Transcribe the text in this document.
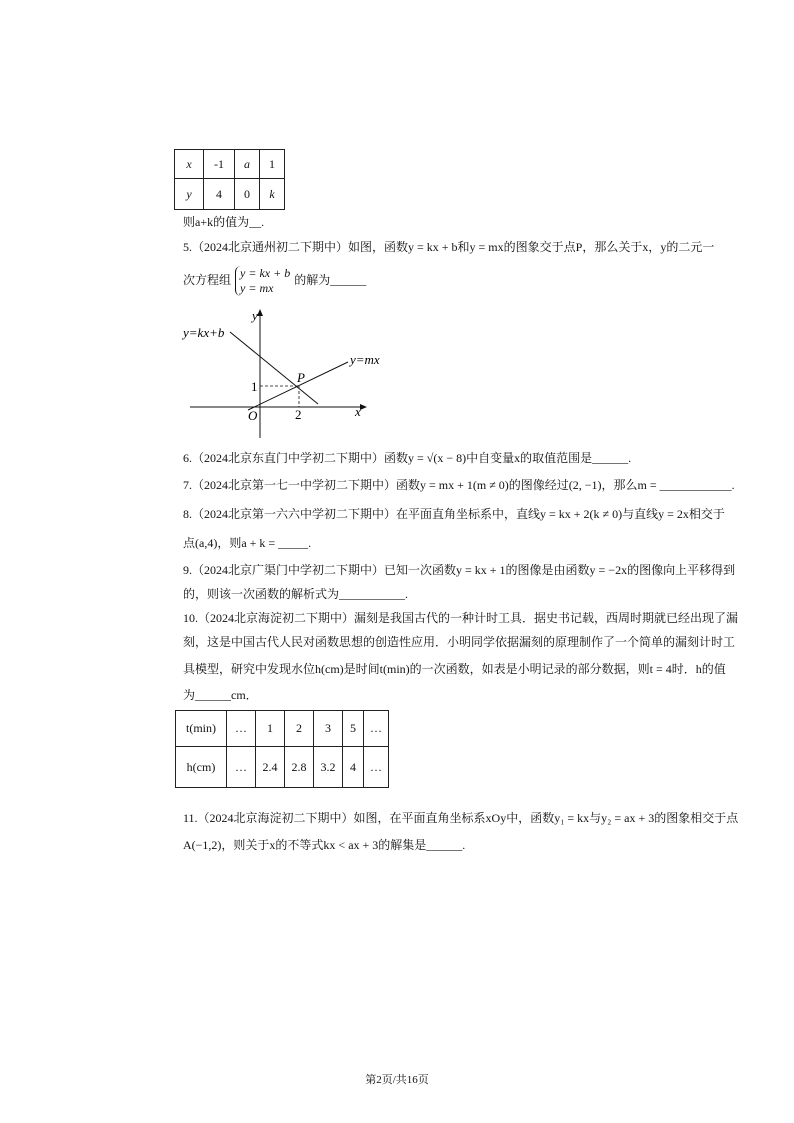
x	-1	a	1
y	4	0	k
则a+k的值为__.
5.（2024北京通州初二下期中）如图，函数y = kx + b和y = mx的图象交于点P，那么关于x，y的二元一
次方程组 y = kx + b
y = mx的解为______
y=kx+b
y=mx
y
x
O
P
1
2
6.（2024北京东直门中学初二下期中）函数y = √(x − 8)中自变量x的取值范围是______.
7.（2024北京第一七一中学初二下期中）函数y = mx + 1(m ≠ 0)的图像经过(2, −1)，那么m = ____________.
8.（2024北京第一六六中学初二下期中）在平面直角坐标系中，直线y = kx + 2(k ≠ 0)与直线y = 2x相交于
点(a,4)，则a + k = _____.
9.（2024北京广渠门中学初二下期中）已知一次函数y = kx + 1的图像是由函数y = −2x的图像向上平移得到
的，则该一次函数的解析式为___________.
10.（2024北京海淀初二下期中）漏刻是我国古代的一种计时工具．据史书记载，西周时期就已经出现了漏
刻，这是中国古代人民对函数思想的创造性应用．小明同学依据漏刻的原理制作了一个简单的漏刻计时工
具模型，研究中发现水位h(cm)是时间t(min)的一次函数，如表是小明记录的部分数据，则t = 4时．h的值
为______cm．
t(min)	…	1	2	3	5	…
h(cm)	…	2.4	2.8	3.2	4	…
11.（2024北京海淀初二下期中）如图，在平面直角坐标系xOy中，函数y₁ = kx与y₂ = ax + 3的图象相交于点
A(−1,2)，则关于x的不等式kx < ax + 3的解集是______.
第2页/共16页
